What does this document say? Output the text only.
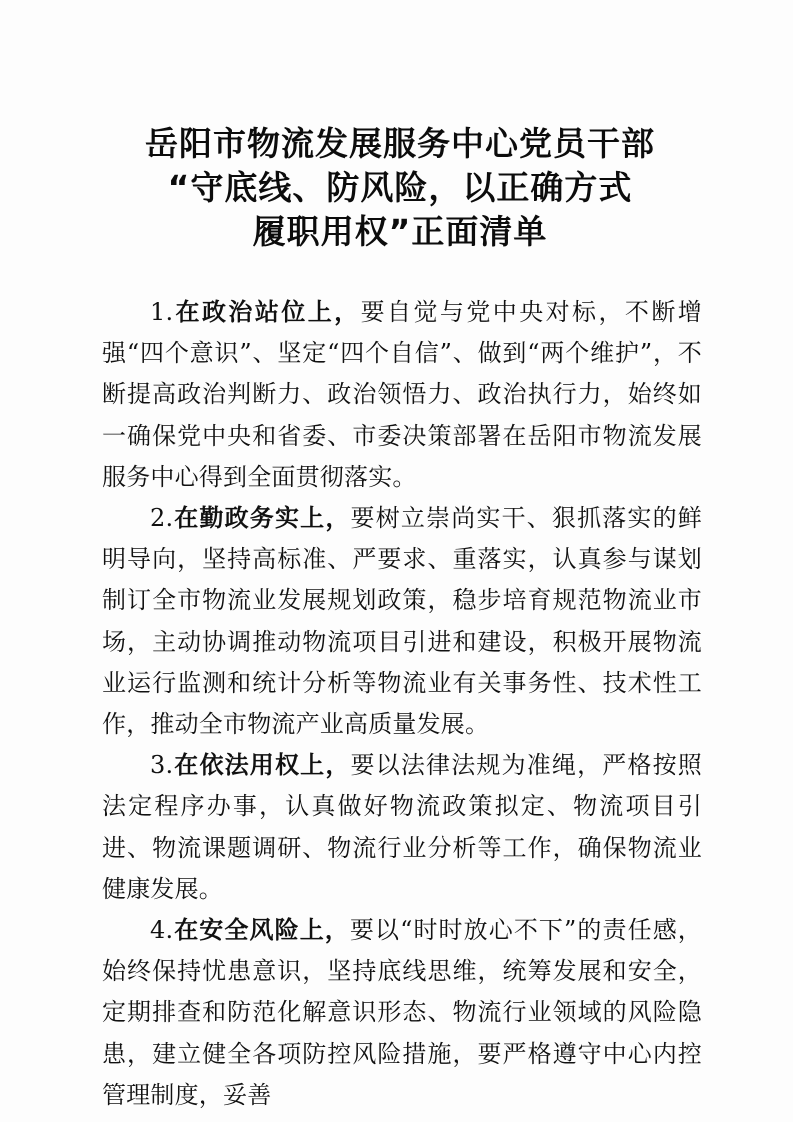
岳阳市物流发展服务中心党员干部
“守底线、防风险，以正确方式
履职用权”正面清单

1.在政治站位上，要自觉与党中央对标，不断增强“四个意识”、坚定“四个自信”、做到“两个维护”，不断提高政治判断力、政治领悟力、政治执行力，始终如一确保党中央和省委、市委决策部署在岳阳市物流发展服务中心得到全面贯彻落实。

2.在勤政务实上，要树立崇尚实干、狠抓落实的鲜明导向，坚持高标准、严要求、重落实，认真参与谋划制订全市物流业发展规划政策，稳步培育规范物流业市场，主动协调推动物流项目引进和建设，积极开展物流业运行监测和统计分析等物流业有关事务性、技术性工作，推动全市物流产业高质量发展。

3.在依法用权上，要以法律法规为准绳，严格按照法定程序办事，认真做好物流政策拟定、物流项目引进、物流课题调研、物流行业分析等工作，确保物流业健康发展。

4.在安全风险上，要以“时时放心不下”的责任感，始终保持忧患意识，坚持底线思维，统筹发展和安全，定期排查和防范化解意识形态、物流行业领域的风险隐患，建立健全各项防控风险措施，要严格遵守中心内控管理制度，妥善
